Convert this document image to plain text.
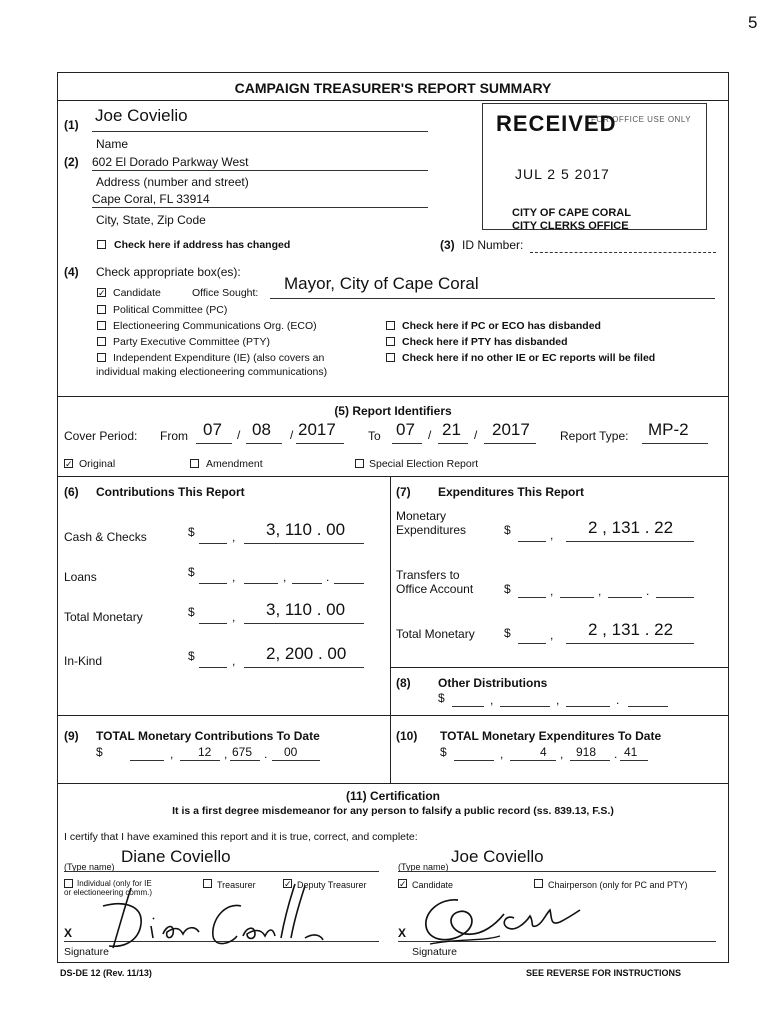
5
CAMPAIGN TREASURER'S REPORT SUMMARY
(1) Joe Covielio
Name
(2) 602 El Dorado Parkway West
Address (number and street)
Cape Coral, FL 33914
City, State, Zip Code
Check here if address has changed
FOR OFFICE USE ONLY
RECEIVED
JUL 2 5 2017
CITY OF CAPE CORAL
CITY CLERKS OFFICE
(3) ID Number:
(4) Check appropriate box(es):
✓ Candidate	Office Sought: Mayor, City of Cape Coral
Political Committee (PC)
Electioneering Communications Org. (ECO)
Party Executive Committee (PTY)
Independent Expenditure (IE) (also covers an
individual making electioneering communications)
Check here if PC or ECO has disbanded
Check here if PTY has disbanded
Check here if no other IE or EC reports will be filed
(5) Report Identifiers
Cover Period: From 07 / 08 / 2017	To 07 / 21 / 2017	Report Type: MP-2
✓ Original	Amendment	Special Election Report
(6) Contributions This Report
Cash & Checks	$	, 3, 110 . 00
Loans	$	,	,	.
Total Monetary	$	, 3, 110 . 00
In-Kind	$	, 2, 200 . 00
(7) Expenditures This Report
Monetary
Expenditures	$	, 2 , 131 . 22
Transfers to
Office Account	$	,	,	.
Total Monetary $	, 2 , 131 . 22
(8) Other Distributions
$	,	,	.
(9) TOTAL Monetary Contributions To Date
$	, 12 , 675 . 00
(10) TOTAL Monetary Expenditures To Date
$	,	4 , 918 . 41
(11) Certification
It is a first degree misdemeanor for any person to falsify a public record (ss. 839.13, F.S.)
I certify that I have examined this report and it is true, correct, and complete:
(Type name)
Diane Coviello
Individual (only for IE
or electioneering comm.)
Treasurer	✓ Deputy Treasurer
X
Signature
(Type name)
Joe Coviello
✓ Candidate	Chairperson (only for PC and PTY)
X
Signature
DS-DE 12 (Rev. 11/13)	SEE REVERSE FOR INSTRUCTIONS
